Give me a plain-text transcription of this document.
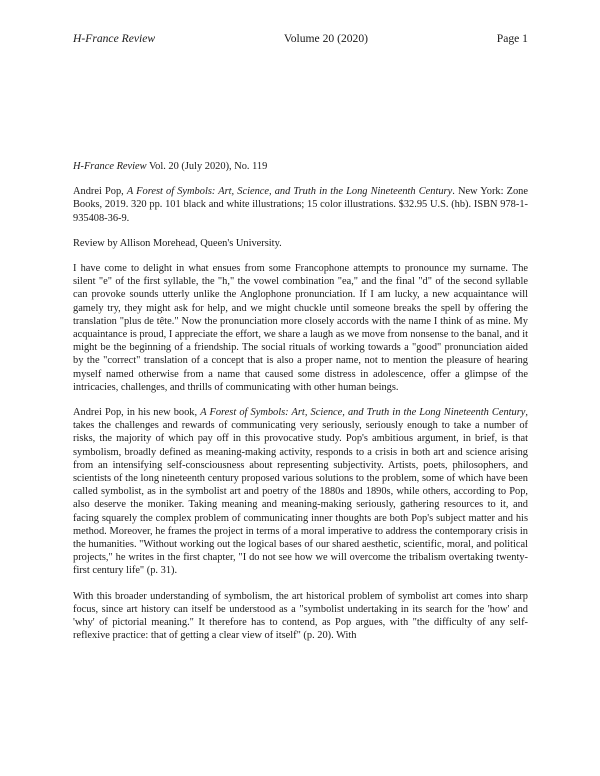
H-France Review	Volume 20 (2020)	Page 1

H-France Review Vol. 20 (July 2020), No. 119

Andrei Pop, A Forest of Symbols: Art, Science, and Truth in the Long Nineteenth Century. New York: Zone Books, 2019. 320 pp. 101 black and white illustrations; 15 color illustrations. $32.95 U.S. (hb). ISBN 978-1-935408-36-9.

Review by Allison Morehead, Queen's University.

I have come to delight in what ensues from some Francophone attempts to pronounce my surname. The silent "e" of the first syllable, the "h," the vowel combination "ea," and the final "d" of the second syllable can provoke sounds utterly unlike the Anglophone pronunciation. If I am lucky, a new acquaintance will gamely try, they might ask for help, and we might chuckle until someone breaks the spell by offering the translation "plus de tête." Now the pronunciation more closely accords with the name I think of as mine. My acquaintance is proud, I appreciate the effort, we share a laugh as we move from nonsense to the banal, and it might be the beginning of a friendship. The social rituals of working towards a "good" pronunciation aided by the "correct" translation of a concept that is also a proper name, not to mention the pleasure of hearing myself named otherwise from a name that caused some distress in adolescence, offer a glimpse of the intricacies, challenges, and thrills of communicating with other human beings.

Andrei Pop, in his new book, A Forest of Symbols: Art, Science, and Truth in the Long Nineteenth Century, takes the challenges and rewards of communicating very seriously, seriously enough to take a number of risks, the majority of which pay off in this provocative study. Pop's ambitious argument, in brief, is that symbolism, broadly defined as meaning-making activity, responds to a crisis in both art and science arising from an intensifying self-consciousness about representing subjectivity. Artists, poets, philosophers, and scientists of the long nineteenth century proposed various solutions to the problem, some of which have been called symbolist, as in the symbolist art and poetry of the 1880s and 1890s, while others, according to Pop, also deserve the moniker. Taking meaning and meaning-making seriously, gathering resources to it, and facing squarely the complex problem of communicating inner thoughts are both Pop's subject matter and his method. Moreover, he frames the project in terms of a moral imperative to address the contemporary crisis in the humanities. "Without working out the logical bases of our shared aesthetic, scientific, moral, and political projects," he writes in the first chapter, "I do not see how we will overcome the tribalism overtaking twenty-first century life" (p. 31).

With this broader understanding of symbolism, the art historical problem of symbolist art comes into sharp focus, since art history can itself be understood as a "symbolist undertaking in its search for the 'how' and 'why' of pictorial meaning." It therefore has to contend, as Pop argues, with "the difficulty of any self-reflexive practice: that of getting a clear view of itself" (p. 20). With
